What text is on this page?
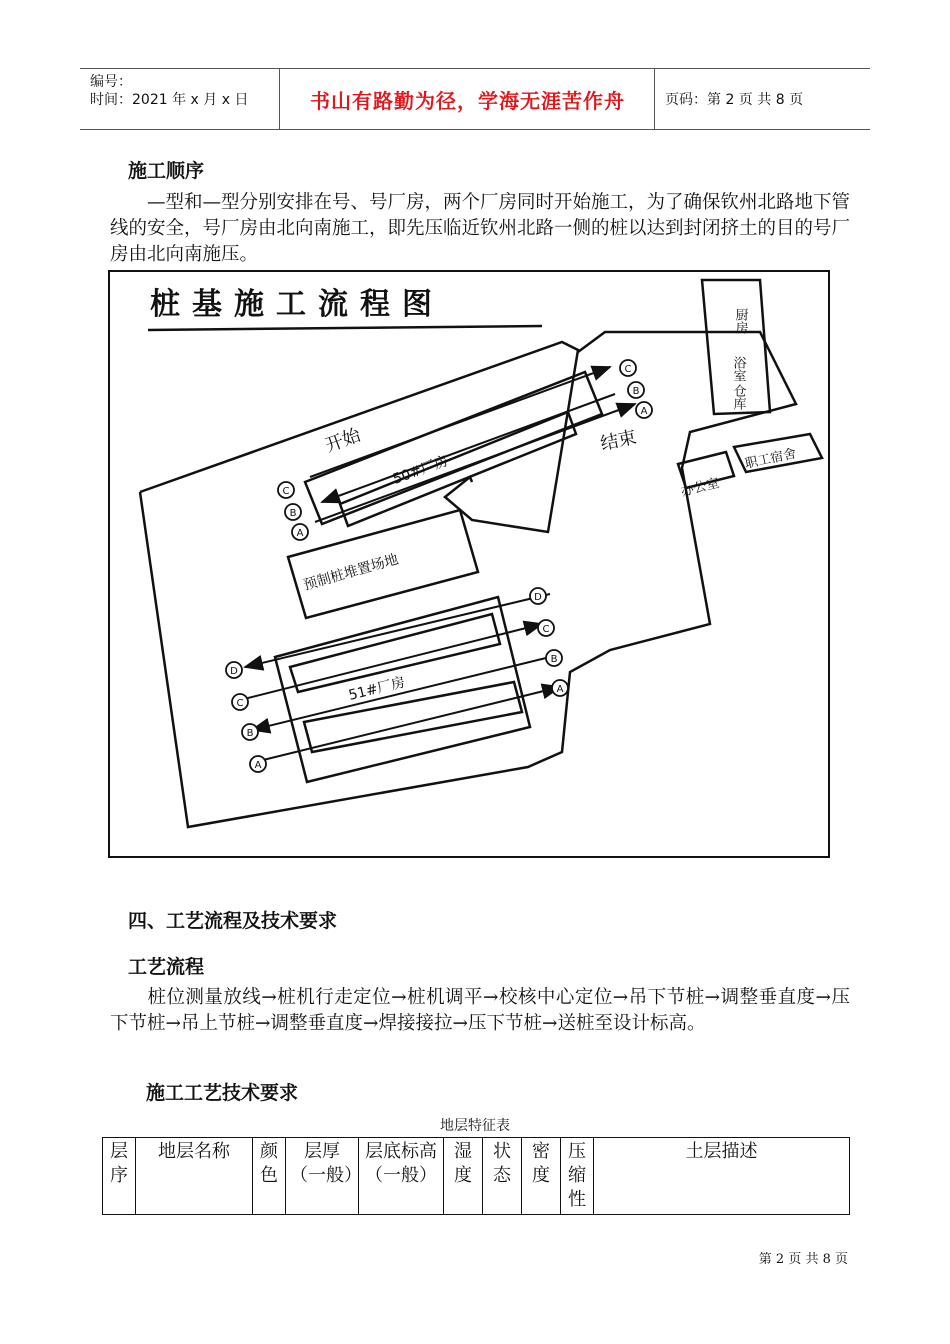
编号：
时间：2021 年 x 月 x 日	书山有路勤为径，学海无涯苦作舟	页码：第 2 页 共 8 页
施工顺序
—型和—型分别安排在号、号厂房，两个厂房同时开始施工，为了确保钦州北路地下管线的安全，号厂房由北向南施工，即先压临近钦州北路一侧的桩以达到封闭挤土的目的号厂房由北向南施压。
C
B
A
C
B
A
D
C
B
A
D
C
B
A
桩基施工流程图
开始	结束
50#厂房
预制桩堆置场地
51#厂房
厨房
浴室
仓库
办公室
职工宿舍
四、工艺流程及技术要求
工艺流程
桩位测量放线→桩机行走定位→桩机调平→校核中心定位→吊下节桩→调整垂直度→压下节桩→吊上节桩→调整垂直度→焊接接拉→压下节桩→送桩至设计标高。
施工工艺技术要求
地层特征表
层序	地层名称	颜色	层厚（一般）	层底标高（一般）	湿度	状态	密度	压缩性	土层描述
第 2 页 共 8 页
